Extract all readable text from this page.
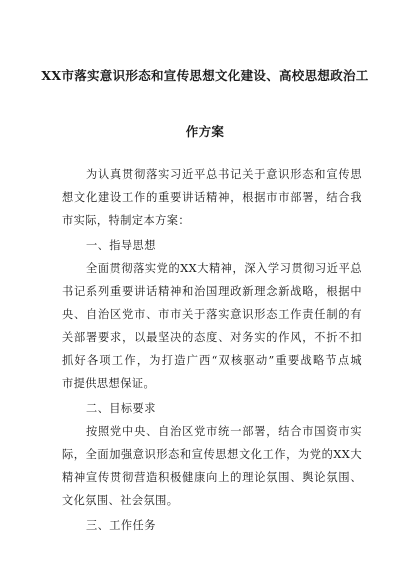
XX市落实意识形态和宣传思想文化建设、高校思想政治工
作方案
为认真贯彻落实习近平总书记关于意识形态和宣传思
想文化建设工作的重要讲话精神，根据市市部署，结合我
市实际，特制定本方案：
一、指导思想
全面贯彻落实党的XX大精神，深入学习贯彻习近平总
书记系列重要讲话精神和治国理政新理念新战略，根据中
央、自治区党市、市市关于落实意识形态工作责任制的有
关部署要求，以最坚决的态度、对务实的作风，不折不扣
抓好各项工作，为打造广西“双核驱动”重要战略节点城
市提供思想保证。
二、目标要求
按照党中央、自治区党市统一部署，结合市国资市实
际，全面加强意识形态和宣传思想文化工作，为党的XX大
精神宣传贯彻营造积极健康向上的理论氛围、舆论氛围、
文化氛围、社会氛围。
三、工作任务
